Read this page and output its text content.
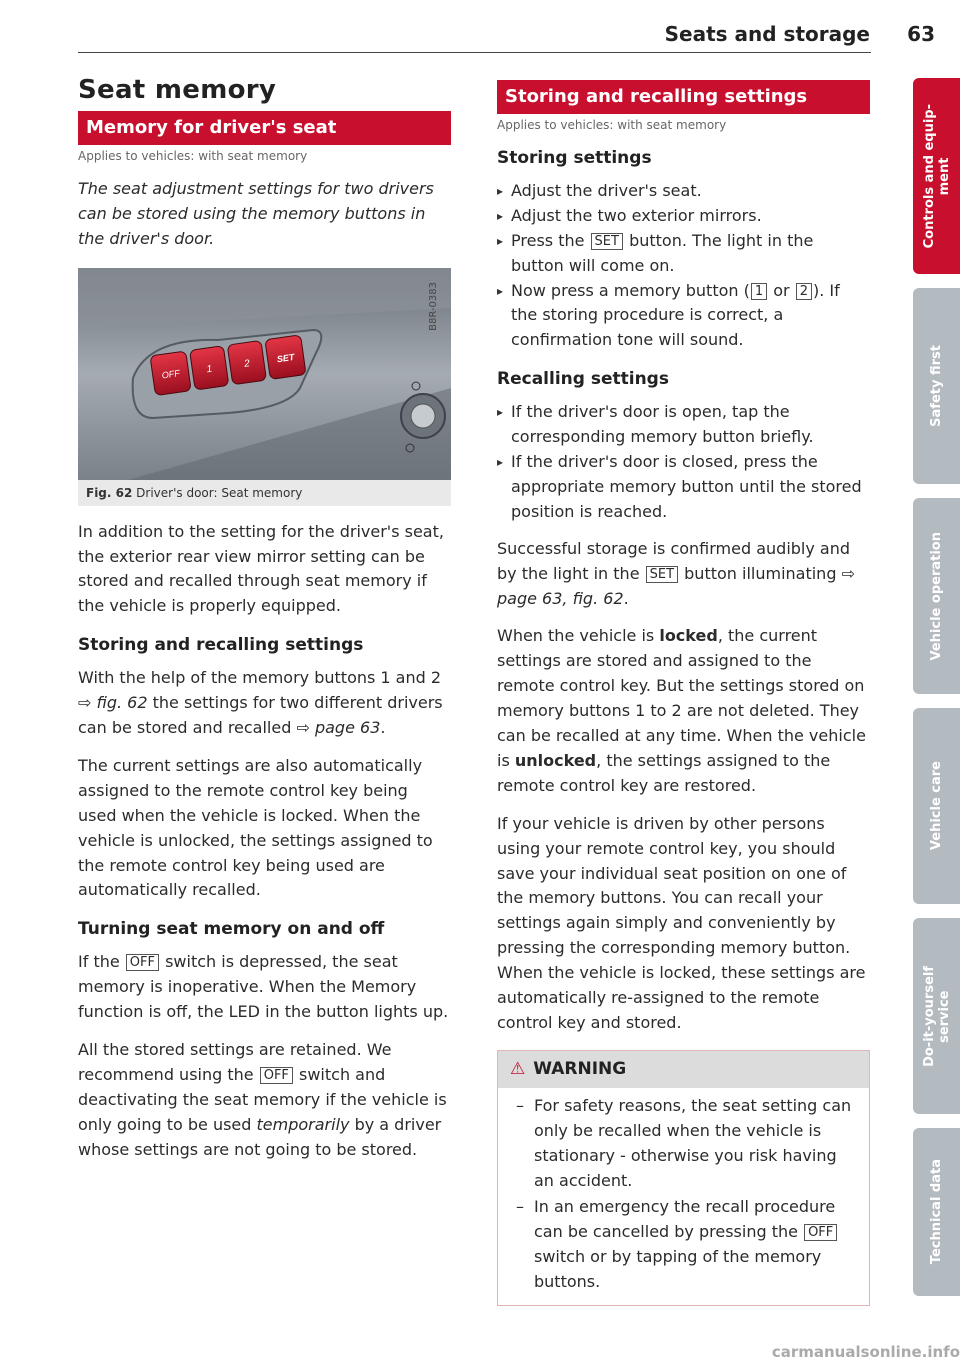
Seats and storage 63
Seat memory
Memory for driver's seat
Applies to vehicles: with seat memory

The seat adjustment settings for two drivers can be stored using the memory buttons in the driver's door.

OFF	1	2	SET
B8R-0383
Fig. 62 Driver's door: Seat memory

In addition to the setting for the driver's seat, the exterior rear view mirror setting can be stored and recalled through seat memory if the vehicle is properly equipped.

Storing and recalling settings

With the help of the memory buttons 1 and 2 ⇨ fig. 62 the settings for two different drivers can be stored and recalled ⇨ page 63.

The current settings are also automatically assigned to the remote control key being used when the vehicle is locked. When the vehicle is unlocked, the settings assigned to the remote control key being used are automatically recalled.

Turning seat memory on and off

If the OFF switch is depressed, the seat memory is inoperative. When the Memory function is off, the LED in the button lights up.

All the stored settings are retained. We recommend using the OFF switch and deactivating the seat memory if the vehicle is only going to be used temporarily by a driver whose settings are not going to be stored.

Storing and recalling settings
Applies to vehicles: with seat memory
Storing settings
▸ Adjust the driver's seat.
▸ Adjust the two exterior mirrors.
▸ Press the SET button. The light in the button will come on.
▸ Now press a memory button ( 1 or 2 ). If the storing procedure is correct, a confirmation tone will sound.
Recalling settings
▸ If the driver's door is open, tap the corresponding memory button briefly.
▸ If the driver's door is closed, press the appropriate memory button until the stored position is reached.

Successful storage is confirmed audibly and by the light in the SET button illuminating ⇨ page 63, fig. 62.

When the vehicle is locked, the current settings are stored and assigned to the remote control key. But the settings stored on memory buttons 1 to 2 are not deleted. They can be recalled at any time. When the vehicle is unlocked, the settings assigned to the remote control key are restored.

If your vehicle is driven by other persons using your remote control key, you should save your individual seat position on one of the memory buttons. You can recall your settings again simply and conveniently by pressing the corresponding memory button. When the vehicle is locked, these settings are automatically re-assigned to the remote control key and stored.

⚠ WARNING
– For safety reasons, the seat setting can only be recalled when the vehicle is stationary - otherwise you risk having an accident.
– In an emergency the recall procedure can be cancelled by pressing the OFF switch or by tapping of the memory buttons.
Controls and equip-
ment
Safety first
Vehicle operation
Vehicle care
Do-it-yourself
service
Technical data
carmanualsonline.info
